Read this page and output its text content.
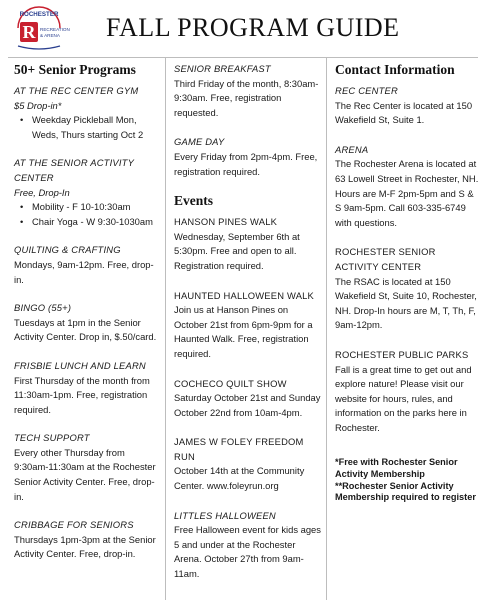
ROCHESTER
R RECREATION
& ARENA FALL PROGRAM GUIDE
50+ Senior Programs
AT THE REC CENTER GYM
$5 Drop-in*
• Weekday Pickleball Mon, Weds, Thurs starting Oct 2
AT THE SENIOR ACTIVITY CENTER
Free, Drop-In
• Mobility - F 10-10:30am
• Chair Yoga - W 9:30-1030am
QUILTING & CRAFTING
Mondays, 9am-12pm. Free, drop-in.
BINGO (55+)
Tuesdays at 1pm in the Senior Activity Center. Drop in, $.50/card.
FRISBIE LUNCH AND LEARN
First Thursday of the month from 11:30am-1pm. Free, registration required.
TECH SUPPORT
Every other Thursday from 9:30am-11:30am at the Rochester Senior Activity Center. Free, drop-in.
CRIBBAGE FOR SENIORS
Thursdays 1pm-3pm at the Senior Activity Center. Free, drop-in.
SENIOR BREAKFAST
Third Friday of the month, 8:30am-9:30am. Free, registration requested.
GAME DAY
Every Friday from 2pm-4pm. Free, registration required.
Events
HANSON PINES WALK
Wednesday, September 6th at 5:30pm. Free and open to all. Registration required.
HAUNTED HALLOWEEN WALK
Join us at Hanson Pines on October 21st from 6pm-9pm for a Haunted Walk. Free, registration required.
COCHECO QUILT SHOW
Saturday October 21st and Sunday October 22nd from 10am-4pm.
JAMES W FOLEY FREEDOM RUN
October 14th at the Community Center. www.foleyrun.org
LITTLES HALLOWEEN
Free Halloween event for kids ages 5 and under at the Rochester Arena. October 27th from 9am-11am.
Contact Information
REC CENTER
The Rec Center is located at 150 Wakefield St, Suite 1.
ARENA
The Rochester Arena is located at 63 Lowell Street in Rochester, NH. Hours are M-F 2pm-5pm and S & S 9am-5pm. Call 603-335-6749 with questions.
ROCHESTER SENIOR ACTIVITY CENTER
The RSAC is located at 150 Wakefield St, Suite 10, Rochester, NH. Drop-In hours are M, T, Th, F, 9am-12pm.
ROCHESTER PUBLIC PARKS
Fall is a great time to get out and explore nature! Please visit our website for hours, rules, and information on the parks here in Rochester.
*Free with Rochester Senior Activity Membership
**Rochester Senior Activity Membership required to register
